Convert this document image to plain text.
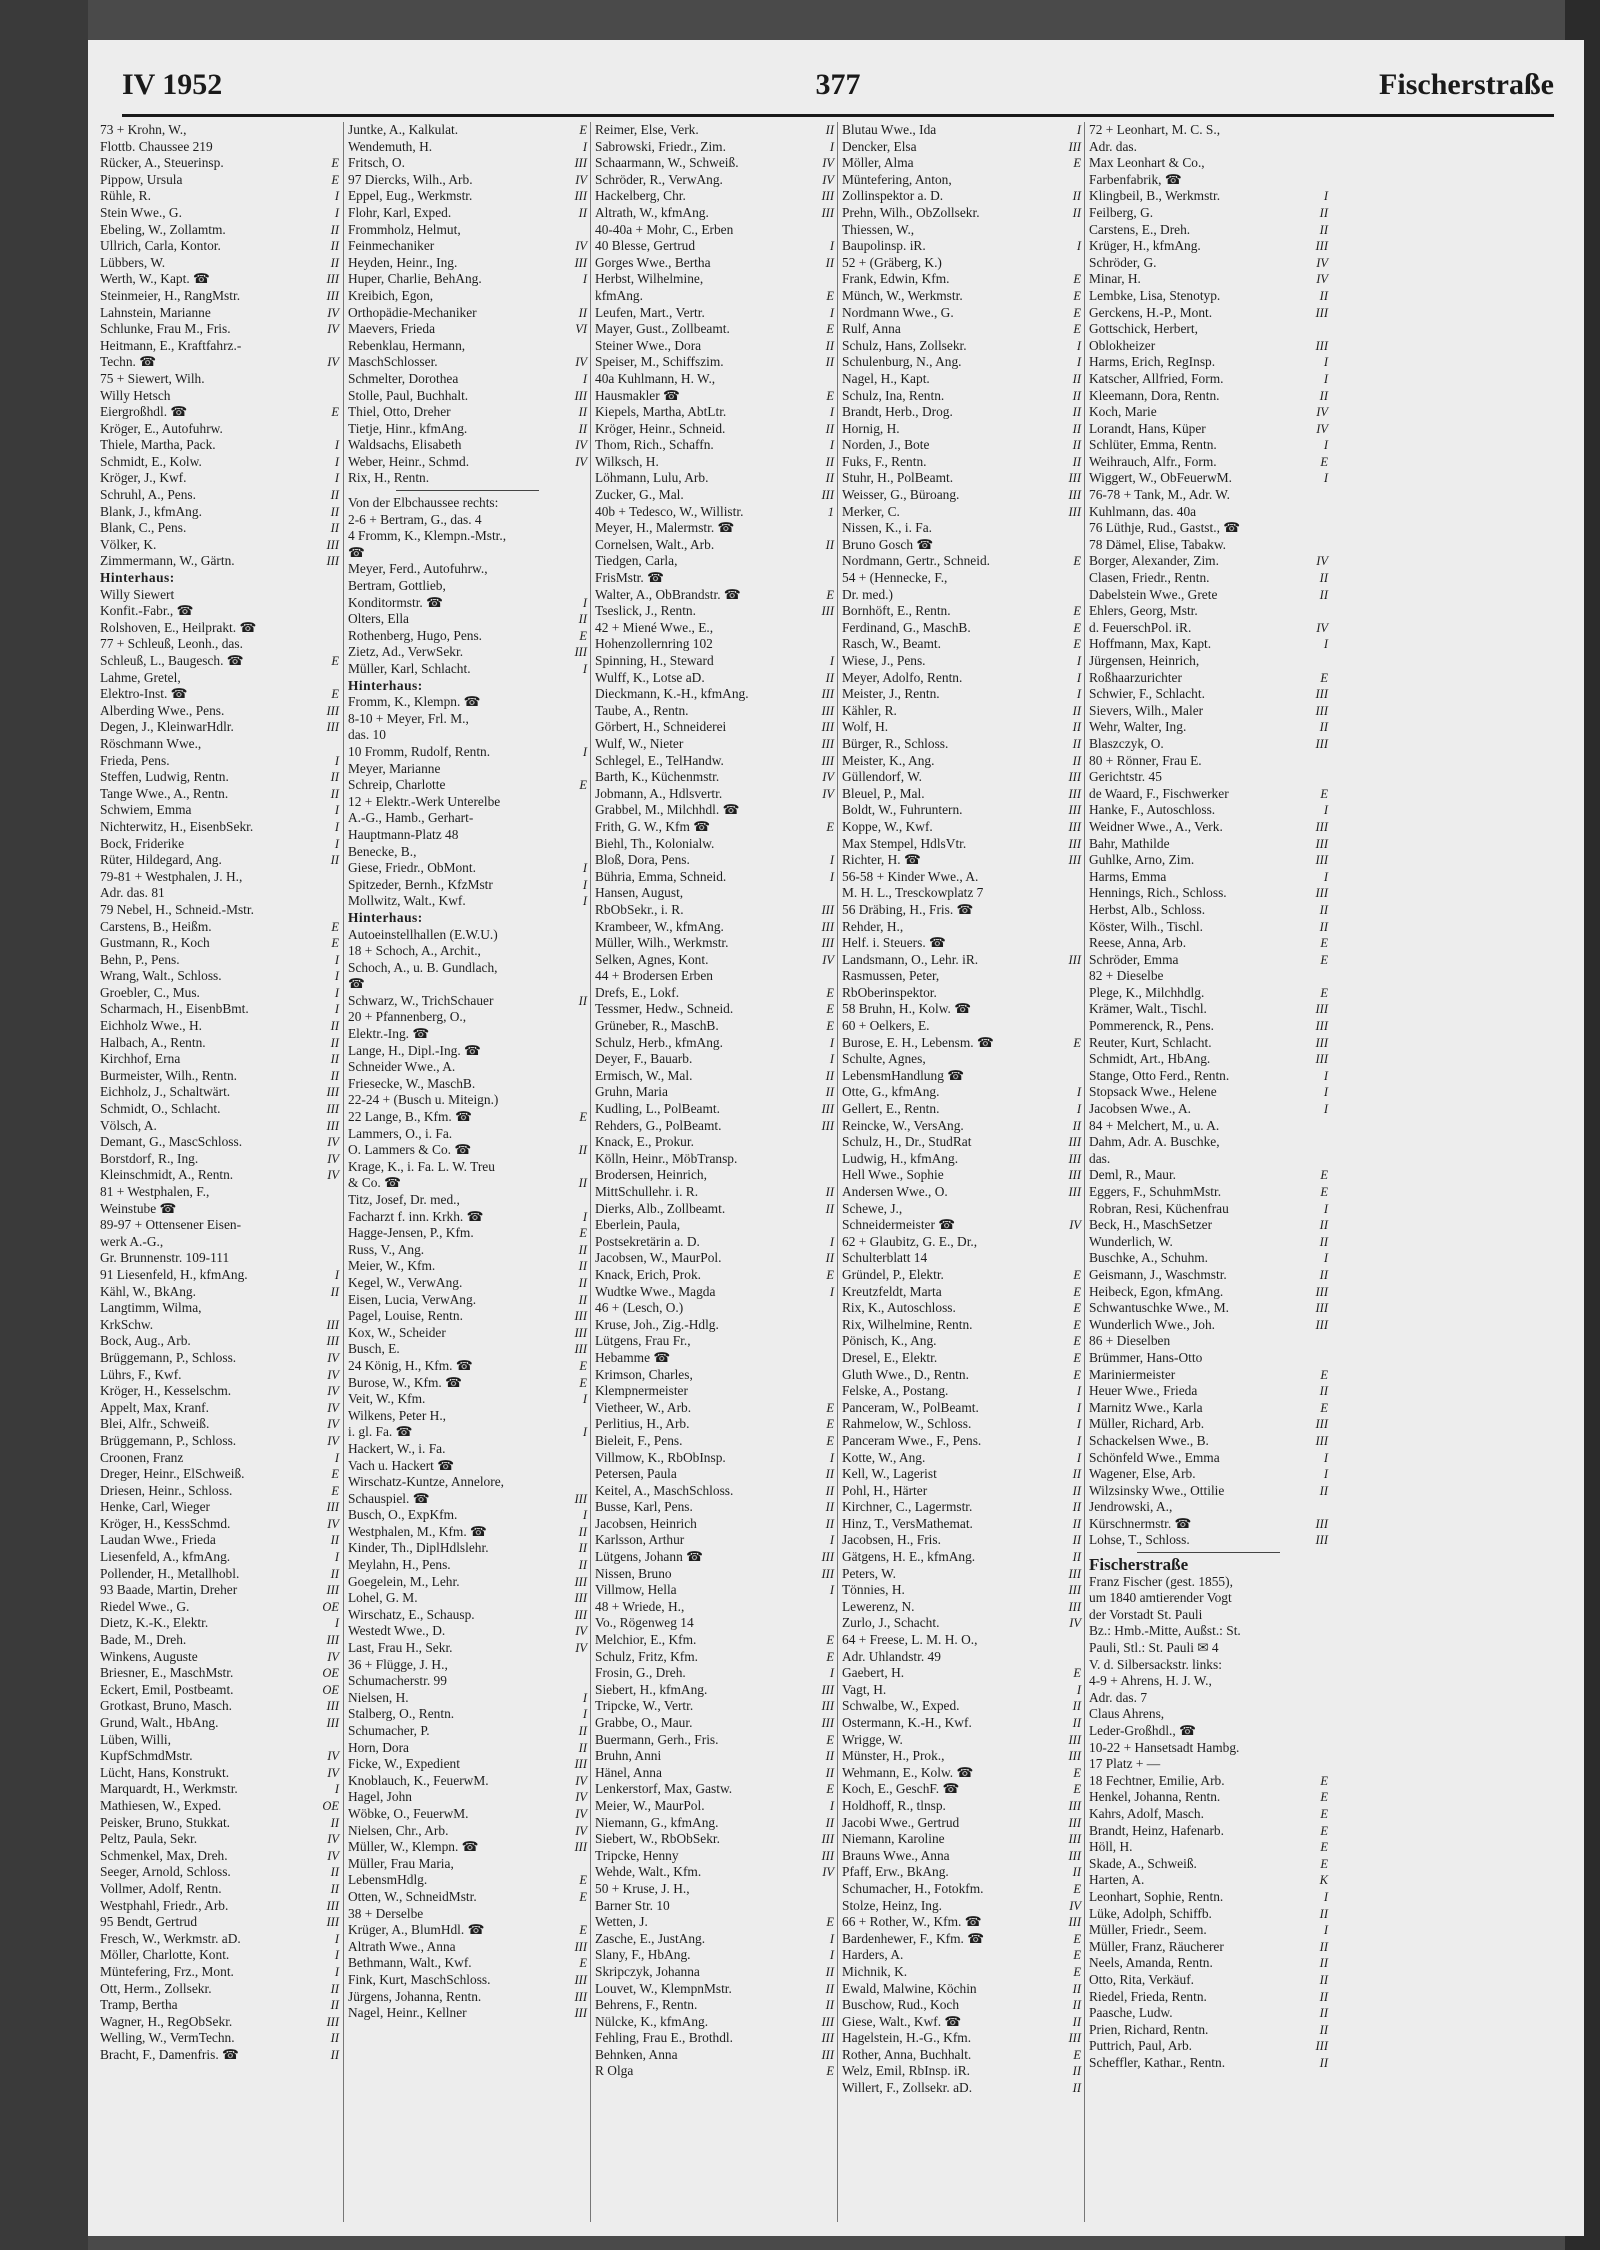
IV 1952	377	Fischerstraße
73 + Krohn, W.,
Flottb. Chaussee 219
Rücker, A., Steuerinsp.	E
Pippow, Ursula	E
Rühle, R.	I
Stein Wwe., G.	I
Ebeling, W., Zollamtm.	II
Ullrich, Carla, Kontor.	II
Lübbers, W.	II
Werth, W., Kapt. ☎	III
Steinmeier, H., RangMstr.	III
Lahnstein, Marianne	IV
Schlunke, Frau M., Fris.	IV
Heitmann, E., Kraftfahrz.-
Techn. ☎	IV
75 + Siewert, Wilh.
Willy Hetsch
Eiergroßhdl. ☎	E
Kröger, E., Autofuhrw.
Thiele, Martha, Pack.	I
Schmidt, E., Kolw.	I
Kröger, J., Kwf.	I
Schruhl, A., Pens.	II
Blank, J., kfmAng.	II
Blank, C., Pens.	II
Völker, K.	III
Zimmermann, W., Gärtn.	III
Hinterhaus:
Willy Siewert
Konfit.-Fabr., ☎
Rolshoven, E., Heilprakt. ☎
77 + Schleuß, Leonh., das.
Schleuß, L., Baugesch. ☎	E
Lahme, Gretel,
Elektro-Inst. ☎	E
Alberding Wwe., Pens.	III
Degen, J., KleinwarHdlr.	III
Röschmann Wwe.,
Frieda, Pens.	I
Steffen, Ludwig, Rentn.	II
Tange Wwe., A., Rentn.	II
Schwiem, Emma	I
Nichterwitz, H., EisenbSekr.	I
Bock, Friderike	I
Rüter, Hildegard, Ang.	II
79-81 + Westphalen, J. H.,
Adr. das. 81
79 Nebel, H., Schneid.-Mstr.
Carstens, B., Heißm.	E
Gustmann, R., Koch	E
Behn, P., Pens.	I
Wrang, Walt., Schloss.	I
Groebler, C., Mus.	I
Scharmach, H., EisenbBmt.	I
Eichholz Wwe., H.	II
Halbach, A., Rentn.	II
Kirchhof, Erna	II
Burmeister, Wilh., Rentn.	II
Eichholz, J., Schaltwärt.	III
Schmidt, O., Schlacht.	III
Völsch, A.	III
Demant, G., MascSchloss.	IV
Borstdorf, R., Ing.	IV
Kleinschmidt, A., Rentn.	IV
81 + Westphalen, F.,
Weinstube ☎
89-97 + Ottensener Eisen-
werk A.-G.,
Gr. Brunnenstr. 109-111
91 Liesenfeld, H., kfmAng.	I
Kähl, W., BkAng.	II
Langtimm, Wilma,
KrkSchw.	III
Bock, Aug., Arb.	III
Brüggemann, P., Schloss.	IV
Lührs, F., Kwf.	IV
Kröger, H., Kesselschm.	IV
Appelt, Max, Kranf.	IV
Blei, Alfr., Schweiß.	IV
Brüggemann, P., Schloss.	IV
Croonen, Franz	I
Dreger, Heinr., ElSchweiß.	E
Driesen, Heinr., Schloss.	E
Henke, Carl, Wieger	III
Kröger, H., KessSchmd.	IV
Laudan Wwe., Frieda	II
Liesenfeld, A., kfmAng.	I
Pollender, H., Metallhobl.	II
93 Baade, Martin, Dreher	III
Riedel Wwe., G.	OE
Dietz, K.-K., Elektr.	I
Bade, M., Dreh.	III
Winkens, Auguste	IV
Briesner, E., MaschMstr.	OE
Eckert, Emil, Postbeamt.	OE
Grotkast, Bruno, Masch.	III
Grund, Walt., HbAng.	III
Lüben, Willi,
KupfSchmdMstr.	IV
Lücht, Hans, Konstrukt.	IV
Marquardt, H., Werkmstr.	I
Mathiesen, W., Exped.	OE
Peisker, Bruno, Stukkat.	II
Peltz, Paula, Sekr.	IV
Schmenkel, Max, Dreh.	IV
Seeger, Arnold, Schloss.	II
Vollmer, Adolf, Rentn.	II
Westphahl, Friedr., Arb.	III
95 Bendt, Gertrud	III
Fresch, W., Werkmstr. aD.	I
Möller, Charlotte, Kont.	I
Müntefering, Frz., Mont.	I
Ott, Herm., Zollsekr.	II
Tramp, Bertha	II
Wagner, H., RegObSekr.	III
Welling, W., VermTechn.	II
Bracht, F., Damenfris. ☎	II
Juntke, A., Kalkulat.	E
Wendemuth, H.	I
Fritsch, O.	III
97 Diercks, Wilh., Arb.	IV
Eppel, Eug., Werkmstr.	III
Flohr, Karl, Exped.	II
Frommholz, Helmut,
Feinmechaniker	IV
Heyden, Heinr., Ing.	III
Huper, Charlie, BehAng.	I
Kreibich, Egon,
Orthopädie-Mechaniker	II
Maevers, Frieda	VI
Rebenklau, Hermann,
MaschSchlosser.	IV
Schmelter, Dorothea	I
Stolle, Paul, Buchhalt.	III
Thiel, Otto, Dreher	II
Tietje, Hinr., kfmAng.	II
Waldsachs, Elisabeth	IV
Weber, Heinr., Schmd.	IV
Rix, H., Rentn.
Von der Elbchaussee rechts:
2-6 + Bertram, G., das. 4
4 Fromm, K., Klempn.-Mstr.,
☎
Meyer, Ferd., Autofuhrw.,
Bertram, Gottlieb,
Konditormstr. ☎	I
Olters, Ella	II
Rothenberg, Hugo, Pens.	E
Zietz, Ad., VerwSekr.	III
Müller, Karl, Schlacht.	I
Hinterhaus:
Fromm, K., Klempn. ☎
8-10 + Meyer, Frl. M.,
das. 10
10 Fromm, Rudolf, Rentn.	I
Meyer, Marianne
Schreip, Charlotte	E
12 + Elektr.-Werk Unterelbe
A.-G., Hamb., Gerhart-
Hauptmann-Platz 48
Benecke, B.,
Giese, Friedr., ObMont.	I
Spitzeder, Bernh., KfzMstr	I
Mollwitz, Walt., Kwf.	I
Hinterhaus:
Autoeinstellhallen (E.W.U.)
18 + Schoch, A., Archit.,
Schoch, A., u. B. Gundlach,
☎
Schwarz, W., TrichSchauer	II
20 + Pfannenberg, O.,
Elektr.-Ing. ☎
Lange, H., Dipl.-Ing. ☎
Schneider Wwe., A.
Friesecke, W., MaschB.
22-24 + (Busch u. Miteign.)
22 Lange, B., Kfm. ☎	E
Lammers, O., i. Fa.
O. Lammers & Co. ☎	II
Krage, K., i. Fa. L. W. Treu
& Co. ☎	II
Titz, Josef, Dr. med.,
Facharzt f. inn. Krkh. ☎	I
Hagge-Jensen, P., Kfm.	E
Russ, V., Ang.	II
Meier, W., Kfm.	II
Kegel, W., VerwAng.	II
Eisen, Lucia, VerwAng.	II
Pagel, Louise, Rentn.	III
Kox, W., Scheider	III
Busch, E.	III
24 König, H., Kfm. ☎	E
Burose, W., Kfm. ☎	E
Veit, W., Kfm.	I
Wilkens, Peter H.,
i. gl. Fa. ☎	I
Hackert, W., i. Fa.
Vach u. Hackert ☎
Wirschatz-Kuntze, Annelore,
Schauspiel. ☎	III
Busch, O., ExpKfm.	I
Westphalen, M., Kfm. ☎	II
Kinder, Th., DiplHdlslehr.	II
Meylahn, H., Pens.	II
Goegelein, M., Lehr.	III
Lohel, G. M.	III
Wirschatz, E., Schausp.	III
Westedt Wwe., D.	IV
Last, Frau H., Sekr.	IV
36 + Flügge, J. H.,
Schumacherstr. 99
Nielsen, H.	I
Stalberg, O., Rentn.	I
Schumacher, P.	II
Horn, Dora	II
Ficke, W., Expedient	III
Knoblauch, K., FeuerwM.	IV
Hagel, John	IV
Wöbke, O., FeuerwM.	IV
Nielsen, Chr., Arb.	IV
Müller, W., Klempn. ☎	III
Müller, Frau Maria,
LebensmHdlg.	E
Otten, W., SchneidMstr.	E
38 + Derselbe
Krüger, A., BlumHdl. ☎	E
Altrath Wwe., Anna	III
Bethmann, Walt., Kwf.	E
Fink, Kurt, MaschSchloss.	III
Jürgens, Johanna, Rentn.	III
Nagel, Heinr., Kellner	III
Reimer, Else, Verk.	II
Sabrowski, Friedr., Zim.	I
Schaarmann, W., Schweiß.	IV
Schröder, R., VerwAng.	IV
Hackelberg, Chr.	III
Altrath, W., kfmAng.	III
40-40a + Mohr, C., Erben
40 Blesse, Gertrud	I
Gorges Wwe., Bertha	II
Herbst, Wilhelmine,
kfmAng.	E
Leufen, Mart., Vertr.	I
Mayer, Gust., Zollbeamt.	E
Steiner Wwe., Dora	II
Speiser, M., Schiffszim.	II
40a Kuhlmann, H. W.,
Hausmakler ☎	E
Kiepels, Martha, AbtLtr.	I
Kröger, Heinr., Schneid.	II
Thom, Rich., Schaffn.	I
Wilksch, H.	II
Löhmann, Lulu, Arb.	II
Zucker, G., Mal.	III
40b + Tedesco, W., Willistr.	1
Meyer, H., Malermstr. ☎
Cornelsen, Walt., Arb.	II
Tiedgen, Carla,
FrisMstr. ☎
Walter, A., ObBrandstr. ☎	E
Tseslick, J., Rentn.	III
42 + Miené Wwe., E.,
Hohenzollernring 102
Spinning, H., Steward	I
Wulff, K., Lotse aD.	II
Dieckmann, K.-H., kfmAng.	III
Taube, A., Rentn.	III
Görbert, H., Schneiderei	III
Wulf, W., Nieter	III
Schlegel, E., TelHandw.	III
Barth, K., Küchenmstr.	IV
Jobmann, A., Hdlsvertr.	IV
Grabbel, M., Milchhdl. ☎
Frith, G. W., Kfm ☎	E
Biehl, Th., Kolonialw.
Bloß, Dora, Pens.	I
Bühria, Emma, Schneid.	I
Hansen, August,
RbObSekr., i. R.	III
Krambeer, W., kfmAng.	III
Müller, Wilh., Werkmstr.	III
Selken, Agnes, Kont.	IV
44 + Brodersen Erben
Drefs, E., Lokf.	E
Tessmer, Hedw., Schneid.	E
Grüneber, R., MaschB.	E
Schulz, Herb., kfmAng.	I
Deyer, F., Bauarb.	I
Ermisch, W., Mal.	II
Gruhn, Maria	II
Kudling, L., PolBeamt.	III
Rehders, G., PolBeamt.	III
Knack, E., Prokur.
Kölln, Heinr., MöbTransp.
Brodersen, Heinrich,
MittSchullehr. i. R.	II
Dierks, Alb., Zollbeamt.	II
Eberlein, Paula,
Postsekretärin a. D.	I
Jacobsen, W., MaurPol.	II
Knack, Erich, Prok.	E
Wudtke Wwe., Magda	I
46 + (Lesch, O.)
Kruse, Joh., Zig.-Hdlg.
Lütgens, Frau Fr.,
Hebamme ☎
Krimson, Charles,
Klempnermeister
Vietheer, W., Arb.	E
Perlitius, H., Arb.	E
Bieleit, F., Pens.	E
Villmow, K., RbObInsp.	I
Petersen, Paula	II
Keitel, A., MaschSchloss.	II
Busse, Karl, Pens.	II
Jacobsen, Heinrich	II
Karlsson, Arthur	I
Lütgens, Johann ☎	III
Nissen, Bruno	III
Villmow, Hella	I
48 + Wriede, H.,
Vo., Rögenweg 14
Melchior, E., Kfm.	E
Schulz, Fritz, Kfm.	E
Frosin, G., Dreh.	I
Siebert, H., kfmAng.	III
Tripcke, W., Vertr.	III
Grabbe, O., Maur.	III
Buermann, Gerh., Fris.	E
Bruhn, Anni	II
Hänel, Anna	II
Lenkerstorf, Max, Gastw.	E
Meier, W., MaurPol.	I
Niemann, G., kfmAng.	II
Siebert, W., RbObSekr.	III
Tripcke, Henny	III
Wehde, Walt., Kfm.	IV
50 + Kruse, J. H.,
Barner Str. 10
Wetten, J.	E
Zasche, E., JustAng.	I
Slany, F., HbAng.	I
Skripczyk, Johanna	II
Louvet, W., KlempnMstr.	II
Behrens, F., Rentn.	II
Nülcke, K., kfmAng.	III
Fehling, Frau E., Brothdl.	III
Behnken, Anna	III
R Olga	E
Blutau Wwe., Ida	I
Dencker, Elsa	III
Möller, Alma	E
Müntefering, Anton,
Zollinspektor a. D.	II
Prehn, Wilh., ObZollsekr.	II
Thiessen, W.,
Baupolinsp. iR.	I
52 + (Gräberg, K.)
Frank, Edwin, Kfm.	E
Münch, W., Werkmstr.	E
Nordmann Wwe., G.	E
Rulf, Anna	E
Schulz, Hans, Zollsekr.	I
Schulenburg, N., Ang.	I
Nagel, H., Kapt.	II
Schulz, Ina, Rentn.	II
Brandt, Herb., Drog.	II
Hornig, H.	II
Norden, J., Bote	II
Fuks, F., Rentn.	II
Stuhr, H., PolBeamt.	III
Weisser, G., Büroang.	III
Merker, C.	III
Nissen, K., i. Fa.
Bruno Gosch ☎
Nordmann, Gertr., Schneid.	E
54 + (Hennecke, F.,
Dr. med.)
Bornhöft, E., Rentn.	E
Ferdinand, G., MaschB.	E
Rasch, W., Beamt.	E
Wiese, J., Pens.	I
Meyer, Adolfo, Rentn.	I
Meister, J., Rentn.	I
Kähler, R.	II
Wolf, H.	II
Bürger, R., Schloss.	II
Meister, K., Ang.	II
Güllendorf, W.	III
Bleuel, P., Mal.	III
Boldt, W., Fuhruntern.	III
Koppe, W., Kwf.	III
Max Stempel, HdlsVtr.	III
Richter, H. ☎	III
56-58 + Kinder Wwe., A.
M. H. L., Tresckowplatz 7
56 Dräbing, H., Fris. ☎
Rehder, H.,
Helf. i. Steuers. ☎
Landsmann, O., Lehr. iR.	III
Rasmussen, Peter,
RbOberinspektor.
58 Bruhn, H., Kolw. ☎
60 + Oelkers, E.
Burose, E. H., Lebensm. ☎	E
Schulte, Agnes,
LebensmHandlung ☎
Otte, G., kfmAng.	I
Gellert, E., Rentn.	I
Reincke, W., VersAng.	II
Schulz, H., Dr., StudRat	III
Ludwig, H., kfmAng.	III
Hell Wwe., Sophie	III
Andersen Wwe., O.	III
Schewe, J.,
Schneidermeister ☎	IV
62 + Glaubitz, G. E., Dr.,
Schulterblatt 14
Gründel, P., Elektr.	E
Kreutzfeldt, Marta	E
Rix, K., Autoschloss.	E
Rix, Wilhelmine, Rentn.	E
Pönisch, K., Ang.	E
Dresel, E., Elektr.	E
Gluth Wwe., D., Rentn.	E
Felske, A., Postang.	I
Panceram, W., PolBeamt.	I
Rahmelow, W., Schloss.	I
Panceram Wwe., F., Pens.	I
Kotte, W., Ang.	I
Kell, W., Lagerist	II
Pohl, H., Härter	II
Kirchner, C., Lagermstr.	II
Hinz, T., VersMathemat.	II
Jacobsen, H., Fris.	II
Gätgens, H. E., kfmAng.	II
Peters, W.	III
Tönnies, H.	III
Lewerenz, N.	III
Zurlo, J., Schacht.	IV
64 + Freese, L. M. H. O.,
Adr. Uhlandstr. 49
Gaebert, H.	E
Vagt, H.	I
Schwalbe, W., Exped.	II
Ostermann, K.-H., Kwf.	II
Wrigge, W.	III
Münster, H., Prok.,	III
Wehmann, E., Kolw. ☎	E
Koch, E., GeschF. ☎	E
Holdhoff, R., tlnsp.	III
Jacobi Wwe., Gertrud	III
Niemann, Karoline	III
Brauns Wwe., Anna	III
Pfaff, Erw., BkAng.	II
Schumacher, H., Fotokfm.	E
Stolze, Heinz, Ing.	IV
66 + Rother, W., Kfm. ☎	III
Bardenhewer, F., Kfm. ☎	E
Harders, A.	E
Michnik, K.	E
Ewald, Malwine, Köchin	II
Buschow, Rud., Koch	II
Giese, Walt., Kwf. ☎	II
Hagelstein, H.-G., Kfm.	III
Rother, Anna, Buchhalt.	E
Welz, Emil, RbInsp. iR.	II
Willert, F., Zollsekr. aD.	II
72 + Leonhart, M. C. S.,
Adr. das.
Max Leonhart & Co.,
Farbenfabrik, ☎
Klingbeil, B., Werkmstr.	I
Feilberg, G.	II
Carstens, E., Dreh.	II
Krüger, H., kfmAng.	III
Schröder, G.	IV
Minar, H.	IV
Lembke, Lisa, Stenotyp.	II
Gerckens, H.-P., Mont.	III
Gottschick, Herbert,
Oblokheizer	III
Harms, Erich, RegInsp.	I
Katscher, Allfried, Form.	I
Kleemann, Dora, Rentn.	II
Koch, Marie	IV
Lorandt, Hans, Küper	IV
Schlüter, Emma, Rentn.	I
Weihrauch, Alfr., Form.	E
Wiggert, W., ObFeuerwM.	I
76-78 + Tank, M., Adr. W.
Kuhlmann, das. 40a
76 Lüthje, Rud., Gastst., ☎
78 Dämel, Elise, Tabakw.
Borger, Alexander, Zim.	IV
Clasen, Friedr., Rentn.	II
Dabelstein Wwe., Grete	II
Ehlers, Georg, Mstr.
d. FeuerschPol. iR.	IV
Hoffmann, Max, Kapt.	I
Jürgensen, Heinrich,
Roßhaarzurichter	E
Schwier, F., Schlacht.	III
Sievers, Wilh., Maler	III
Wehr, Walter, Ing.	II
Blaszczyk, O.	III
80 + Rönner, Frau E.
Gerichtstr. 45
de Waard, F., Fischwerker	E
Hanke, F., Autoschloss.	I
Weidner Wwe., A., Verk.	III
Bahr, Mathilde	III
Guhlke, Arno, Zim.	III
Harms, Emma	I
Hennings, Rich., Schloss.	III
Herbst, Alb., Schloss.	II
Köster, Wilh., Tischl.	II
Reese, Anna, Arb.	E
Schröder, Emma	E
82 + Dieselbe
Plege, K., Milchhdlg.	E
Krämer, Walt., Tischl.	III
Pommerenck, R., Pens.	III
Reuter, Kurt, Schlacht.	III
Schmidt, Art., HbAng.	III
Stange, Otto Ferd., Rentn.	I
Stopsack Wwe., Helene	I
Jacobsen Wwe., A.	I
84 + Melchert, M., u. A.
Dahm, Adr. A. Buschke,
das.
Deml, R., Maur.	E
Eggers, F., SchuhmMstr.	E
Robran, Resi, Küchenfrau	I
Beck, H., MaschSetzer	II
Wunderlich, W.	II
Buschke, A., Schuhm.	I
Geismann, J., Waschmstr.	II
Heibeck, Egon, kfmAng.	III
Schwantuschke Wwe., M.	III
Wunderlich Wwe., Joh.	III
86 + Dieselben
Brümmer, Hans-Otto
Mariniermeister	E
Heuer Wwe., Frieda	II
Marnitz Wwe., Karla	E
Müller, Richard, Arb.	III
Schackelsen Wwe., B.	III
Schönfeld Wwe., Emma	I
Wagener, Else, Arb.	I
Wilzsinsky Wwe., Ottilie	II
Jendrowski, A.,
Kürschnermstr. ☎	III
Lohse, T., Schloss.	III
Fischerstraße
Franz Fischer (gest. 1855),
um 1840 amtierender Vogt
der Vorstadt St. Pauli
Bz.: Hmb.-Mitte, Außst.: St.
Pauli, Stl.: St. Pauli ✉ 4
V. d. Silbersackstr. links:
4-9 + Ahrens, H. J. W.,
Adr. das. 7
Claus Ahrens,
Leder-Großhdl., ☎
10-22 + Hansetsadt Hambg.
17 Platz + —
18 Fechtner, Emilie, Arb.	E
Henkel, Johanna, Rentn.	E
Kahrs, Adolf, Masch.	E
Brandt, Heinz, Hafenarb.	E
Höll, H.	E
Skade, A., Schweiß.	E
Harten, A.	K
Leonhart, Sophie, Rentn.	I
Lüke, Adolph, Schiffb.	II
Müller, Friedr., Seem.	I
Müller, Franz, Räucherer	II
Neels, Amanda, Rentn.	II
Otto, Rita, Verkäuf.	II
Riedel, Frieda, Rentn.	II
Paasche, Ludw.	II
Prien, Richard, Rentn.	II
Puttrich, Paul, Arb.	III
Scheffler, Kathar., Rentn.	II
